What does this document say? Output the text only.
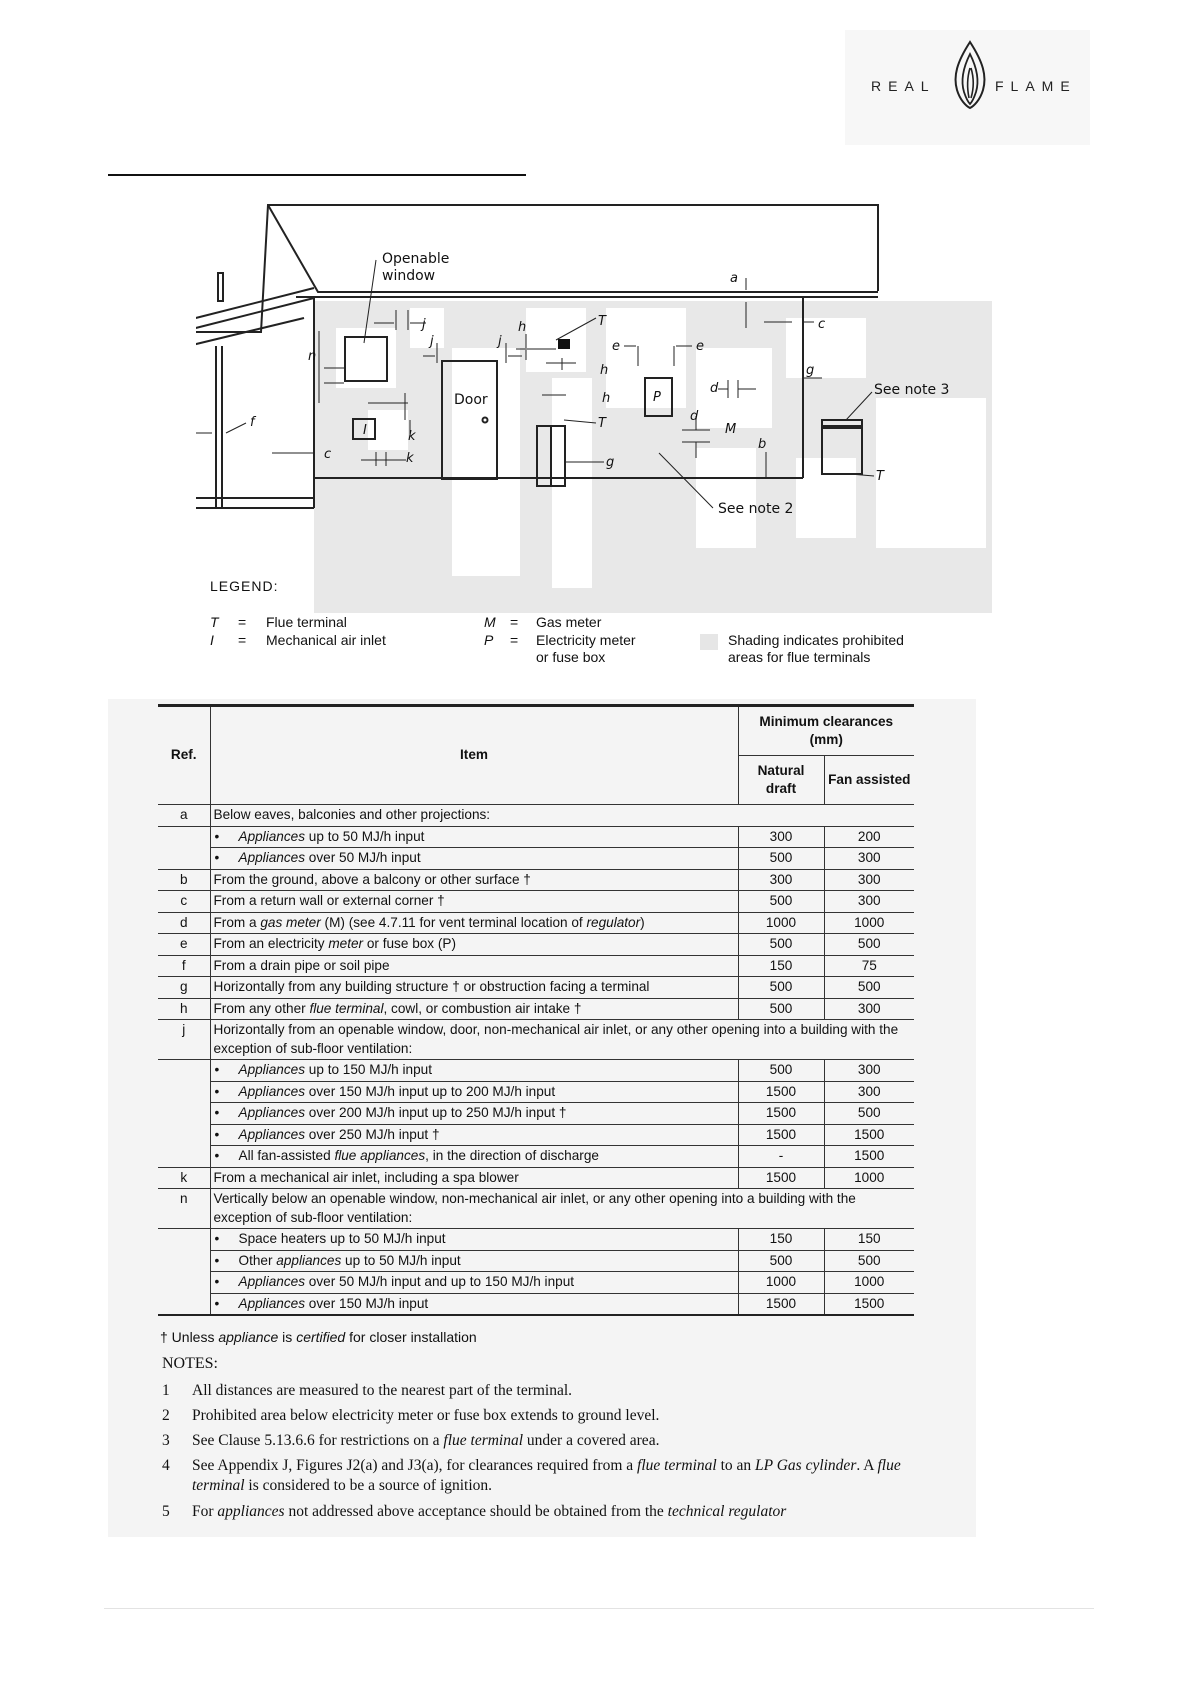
REAL	FLAME
Openable
window
Door
See note 3
See note 2
P
M
I
T
T
T
a
b
c
c
d
d
e	e
f
g
g
h
h
h
j
j	j
k
k
n
LEGEND:
T = Flue terminal
I = Mechanical air inlet
M = Gas meter
P = Electricity meter
or fuse box
Shading indicates prohibited
areas for flue terminals
Ref.	Item	Minimum clearances (mm)	
		Natural draft	Fan assisted
a	Below eaves, balconies and other projections:		
	• Appliances up to 50 MJ/h input	300	200
	• Appliances over 50 MJ/h input	500	300
b	From the ground, above a balcony or other surface †	300	300
c	From a return wall or external corner †	500	300
d	From a gas meter (M) (see 4.7.11 for vent terminal location of regulator)	1000	1000
e	From an electricity meter or fuse box (P)	500	500
f	From a drain pipe or soil pipe	150	75
g	Horizontally from any building structure † or obstruction facing a terminal	500	500
h	From any other flue terminal, cowl, or combustion air intake †	500	300
j	Horizontally from an openable window, door, non-mechanical air inlet, or any other opening into a building with the exception of sub-floor ventilation:		
	• Appliances up to 150 MJ/h input	500	300
	• Appliances over 150 MJ/h input up to 200 MJ/h input	1500	300
	• Appliances over 200 MJ/h input up to 250 MJ/h input †	1500	500
	• Appliances over 250 MJ/h input †	1500	1500
	• All fan-assisted flue appliances, in the direction of discharge	-	1500
k	From a mechanical air inlet, including a spa blower	1500	1000
n	Vertically below an openable window, non-mechanical air inlet, or any other opening into a building with the exception of sub-floor ventilation:		
	• Space heaters up to 50 MJ/h input	150	150
	• Other appliances up to 50 MJ/h input	500	500
	• Appliances over 50 MJ/h input and up to 150 MJ/h input	1000	1000
	• Appliances over 150 MJ/h input	1500	1500
† Unless appliance is certified for closer installation
NOTES:
1 All distances are measured to the nearest part of the terminal.
2 Prohibited area below electricity meter or fuse box extends to ground level.
3 See Clause 5.13.6.6 for restrictions on a flue terminal under a covered area.
4 See Appendix J, Figures J2(a) and J3(a), for clearances required from a flue terminal to an LP Gas cylinder. A flue terminal is considered to be a source of ignition.
5 For appliances not addressed above acceptance should be obtained from the technical regulator
